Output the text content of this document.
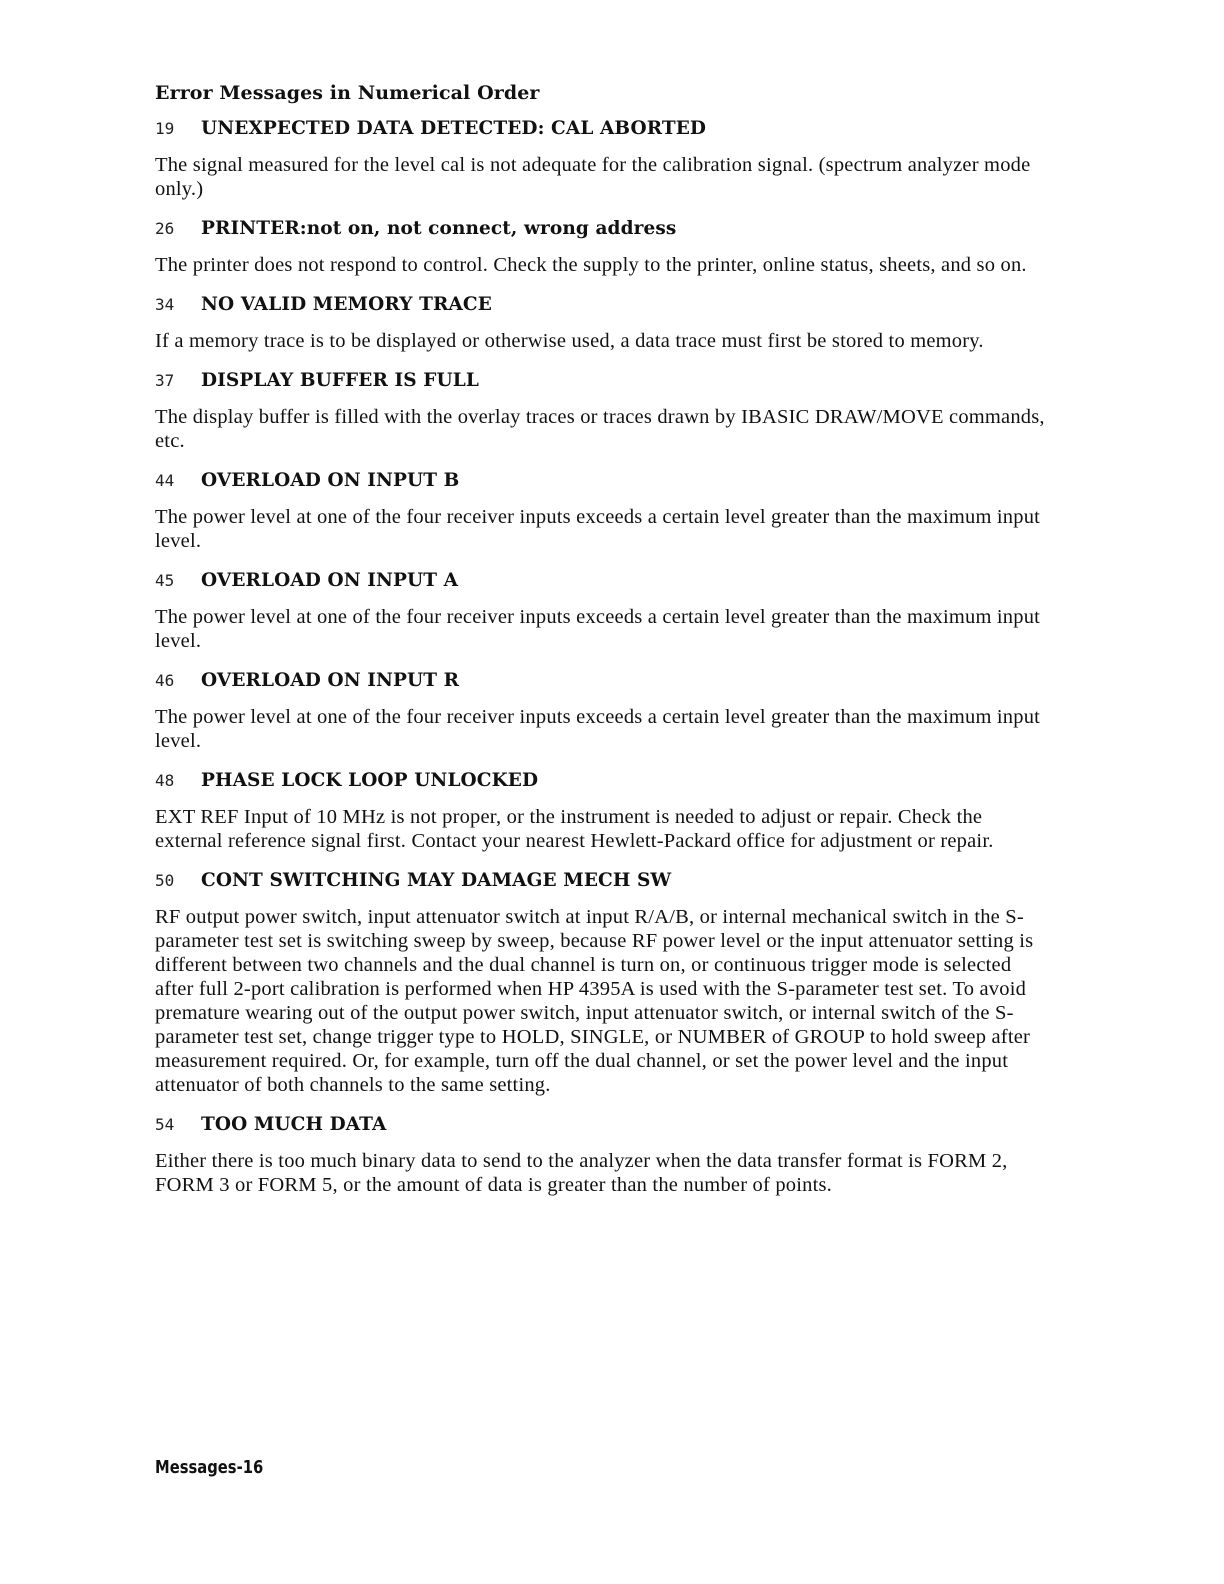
Error Messages in Numerical Order
19	UNEXPECTED DATA DETECTED: CAL ABORTED
The signal measured for the level cal is not adequate for the calibration signal. (spectrum analyzer mode only.)
26	PRINTER:not on, not connect, wrong address
The printer does not respond to control. Check the supply to the printer, online status, sheets, and so on.
34	NO VALID MEMORY TRACE
If a memory trace is to be displayed or otherwise used, a data trace must first be stored to memory.
37	DISPLAY BUFFER IS FULL
The display buffer is filled with the overlay traces or traces drawn by IBASIC DRAW/MOVE commands, etc.
44	OVERLOAD ON INPUT B
The power level at one of the four receiver inputs exceeds a certain level greater than the maximum input level.
45	OVERLOAD ON INPUT A
The power level at one of the four receiver inputs exceeds a certain level greater than the maximum input level.
46	OVERLOAD ON INPUT R
The power level at one of the four receiver inputs exceeds a certain level greater than the maximum input level.
48	PHASE LOCK LOOP UNLOCKED
EXT REF Input of 10 MHz is not proper, or the instrument is needed to adjust or repair. Check the external reference signal first. Contact your nearest Hewlett-Packard office for adjustment or repair.
50	CONT SWITCHING MAY DAMAGE MECH SW
RF output power switch, input attenuator switch at input R/A/B, or internal mechanical switch in the S-parameter test set is switching sweep by sweep, because RF power level or the input attenuator setting is different between two channels and the dual channel is turn on, or continuous trigger mode is selected after full 2-port calibration is performed when HP 4395A is used with the S-parameter test set. To avoid premature wearing out of the output power switch, input attenuator switch, or internal switch of the S-parameter test set, change trigger type to HOLD, SINGLE, or NUMBER of GROUP to hold sweep after measurement required. Or, for example, turn off the dual channel, or set the power level and the input attenuator of both channels to the same setting.
54	TOO MUCH DATA
Either there is too much binary data to send to the analyzer when the data transfer format is FORM 2, FORM 3 or FORM 5, or the amount of data is greater than the number of points.
Messages-16
